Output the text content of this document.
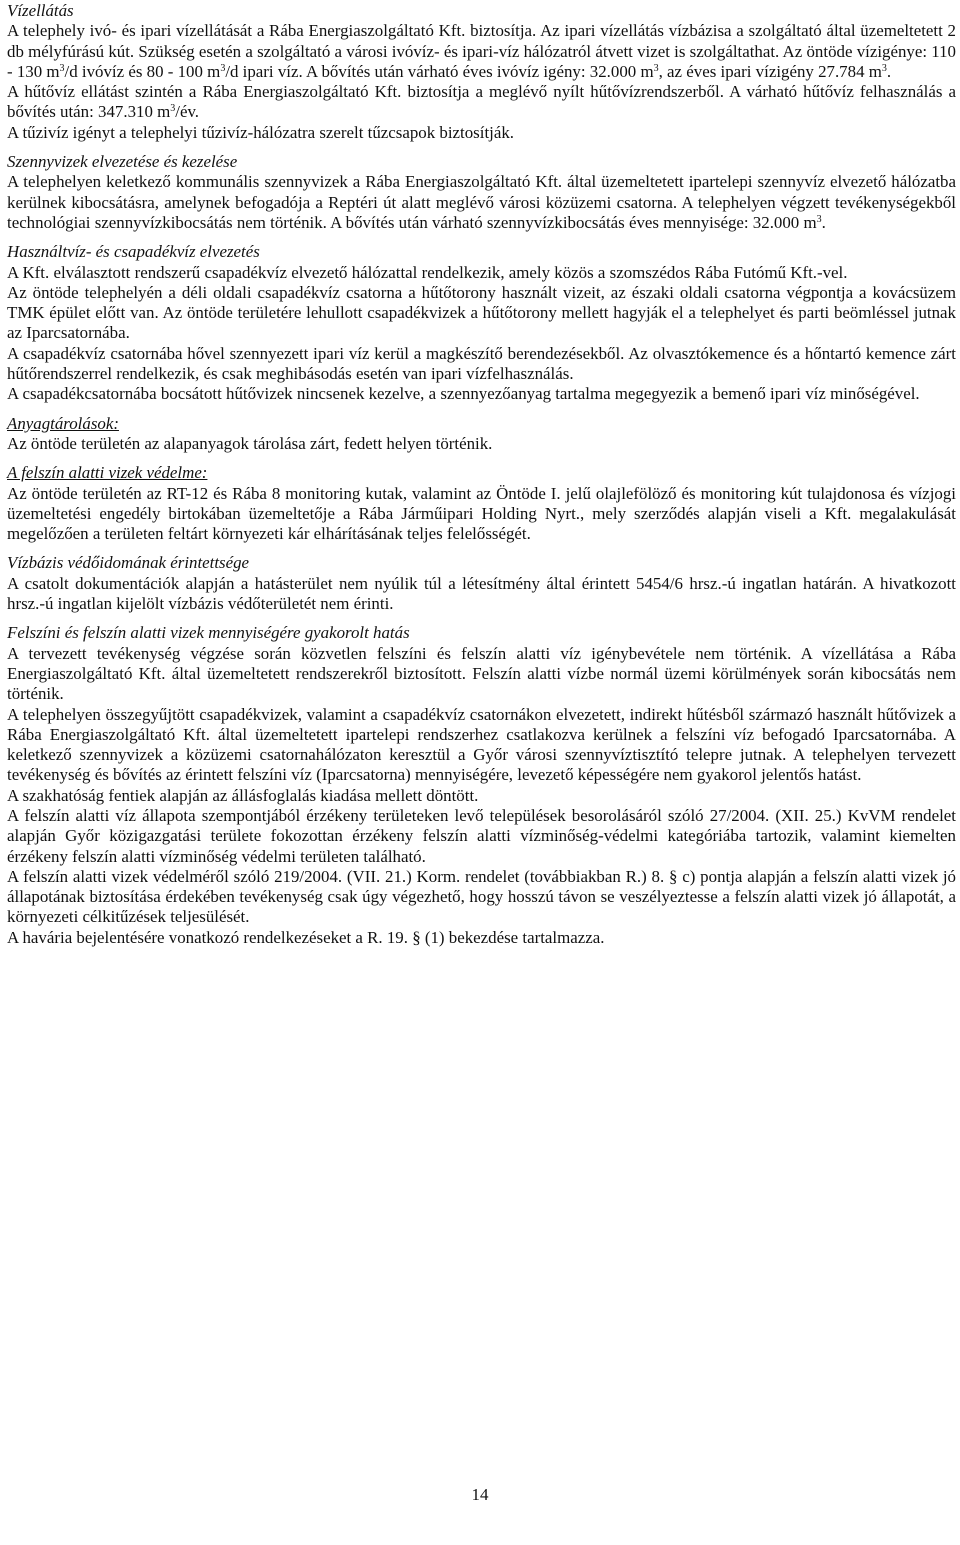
Vízellátás
A telephely ivó- és ipari vízellátását a Rába Energiaszolgáltató Kft. biztosítja. Az ipari vízellátás vízbázisa a szolgáltató által üzemeltetett 2 db mélyfúrású kút. Szükség esetén a szolgáltató a városi ivóvíz- és ipari-víz hálózatról átvett vizet is szolgáltathat. Az öntöde vízigénye: 110 - 130 $m^3/d$ ivóvíz és 80 - 100 $m^3/d$ ipari víz. A bővítés után várható éves ivóvíz igény: 32.000 $m^3$, az éves ipari vízigény 27.784 $m^3$.
A hűtővíz ellátást szintén a Rába Energiaszolgáltató Kft. biztosítja a meglévő nyílt hűtővízrendszerből. A várható hűtővíz felhasználás a bővítés után: 347.310 $m^3/év$.
A tűzivíz igényt a telephelyi tűzivíz-hálózatra szerelt tűzcsapok biztosítják.
Szennyvizek elvezetése és kezelése
A telephelyen keletkező kommunális szennyvizek a Rába Energiaszolgáltató Kft. által üzemeltetett ipartelepi szennyvíz elvezető hálózatba kerülnek kibocsátásra, amelynek befogadója a Reptéri út alatt meglévő városi közüzemi csatorna. A telephelyen végzett tevékenységekből technológiai szennyvízkibocsátás nem történik. A bővítés után várható szennyvízkibocsátás éves mennyisége: 32.000 $m^3$.
Használtvíz- és csapadékvíz elvezetés
A Kft. elválasztott rendszerű csapadékvíz elvezető hálózattal rendelkezik, amely közös a szomszédos Rába Futómű Kft.-vel.
Az öntöde telephelyén a déli oldali csapadékvíz csatorna a hűtőtorony használt vizeit, az északi oldali csatorna végpontja a kovácsüzem TMK épület előtt van. Az öntöde területére lehullott csapadékvizek a hűtőtorony mellett hagyják el a telephelyet és parti beömléssel jutnak az Iparcsatornába.
A csapadékvíz csatornába hővel szennyezett ipari víz kerül a magkészítő berendezésekből. Az olvasztókemence és a hőntartó kemence zárt hűtőrendszerrel rendelkezik, és csak meghibásodás esetén van ipari vízfelhasználás.
A csapadékcsatornába bocsátott hűtővizek nincsenek kezelve, a szennyezőanyag tartalma megegyezik a bemenő ipari víz minőségével.
Anyagtárolások:
Az öntöde területén az alapanyagok tárolása zárt, fedett helyen történik.
A felszín alatti vizek védelme:
Az öntöde területén az RT-12 és Rába 8 monitoring kutak, valamint az Öntöde I. jelű olajlefölöző és monitoring kút tulajdonosa és vízjogi üzemeltetési engedély birtokában üzemeltetője a Rába Járműipari Holding Nyrt., mely szerződés alapján viseli a Kft. megalakulását megelőzően a területen feltárt környezeti kár elhárításának teljes felelősségét.
Vízbázis védőidomának érintettsége
A csatolt dokumentációk alapján a hatásterület nem nyúlik túl a létesítmény által érintett 5454/6 hrsz.-ú ingatlan határán. A hivatkozott hrsz.-ú ingatlan kijelölt vízbázis védőterületét nem érinti.
Felszíni és felszín alatti vizek mennyiségére gyakorolt hatás
A tervezett tevékenység végzése során közvetlen felszíni és felszín alatti víz igénybevétele nem történik. A vízellátása a Rába Energiaszolgáltató Kft. által üzemeltetett rendszerekről biztosított. Felszín alatti vízbe normál üzemi körülmények során kibocsátás nem történik.
A telephelyen összegyűjtött csapadékvizek, valamint a csapadékvíz csatornákon elvezetett, indirekt hűtésből származó használt hűtővizek a Rába Energiaszolgáltató Kft. által üzemeltetett ipartelepi rendszerhez csatlakozva kerülnek a felszíni víz befogadó Iparcsatornába. A keletkező szennyvizek a közüzemi csatornahálózaton keresztül a Győr városi szennyvíztisztító telepre jutnak. A telephelyen tervezett tevékenység és bővítés az érintett felszíni víz (Iparcsatorna) mennyiségére, levezető képességére nem gyakorol jelentős hatást.
A szakhatóság fentiek alapján az állásfoglalás kiadása mellett döntött.
A felszín alatti víz állapota szempontjából érzékeny területeken levő települések besorolásáról szóló 27/2004. (XII. 25.) KvVM rendelet alapján Győr közigazgatási területe fokozottan érzékeny felszín alatti vízminőség-védelmi kategóriába tartozik, valamint kiemelten érzékeny felszín alatti vízminőség védelmi területen található.
A felszín alatti vizek védelméről szóló 219/2004. (VII. 21.) Korm. rendelet (továbbiakban R.) 8. § c) pontja alapján a felszín alatti vizek jó állapotának biztosítása érdekében tevékenység csak úgy végezhető, hogy hosszú távon se veszélyeztesse a felszín alatti vizek jó állapotát, a környezeti célkitűzések teljesülését.
A havária bejelentésére vonatkozó rendelkezéseket a R. 19. § (1) bekezdése tartalmazza.
14
